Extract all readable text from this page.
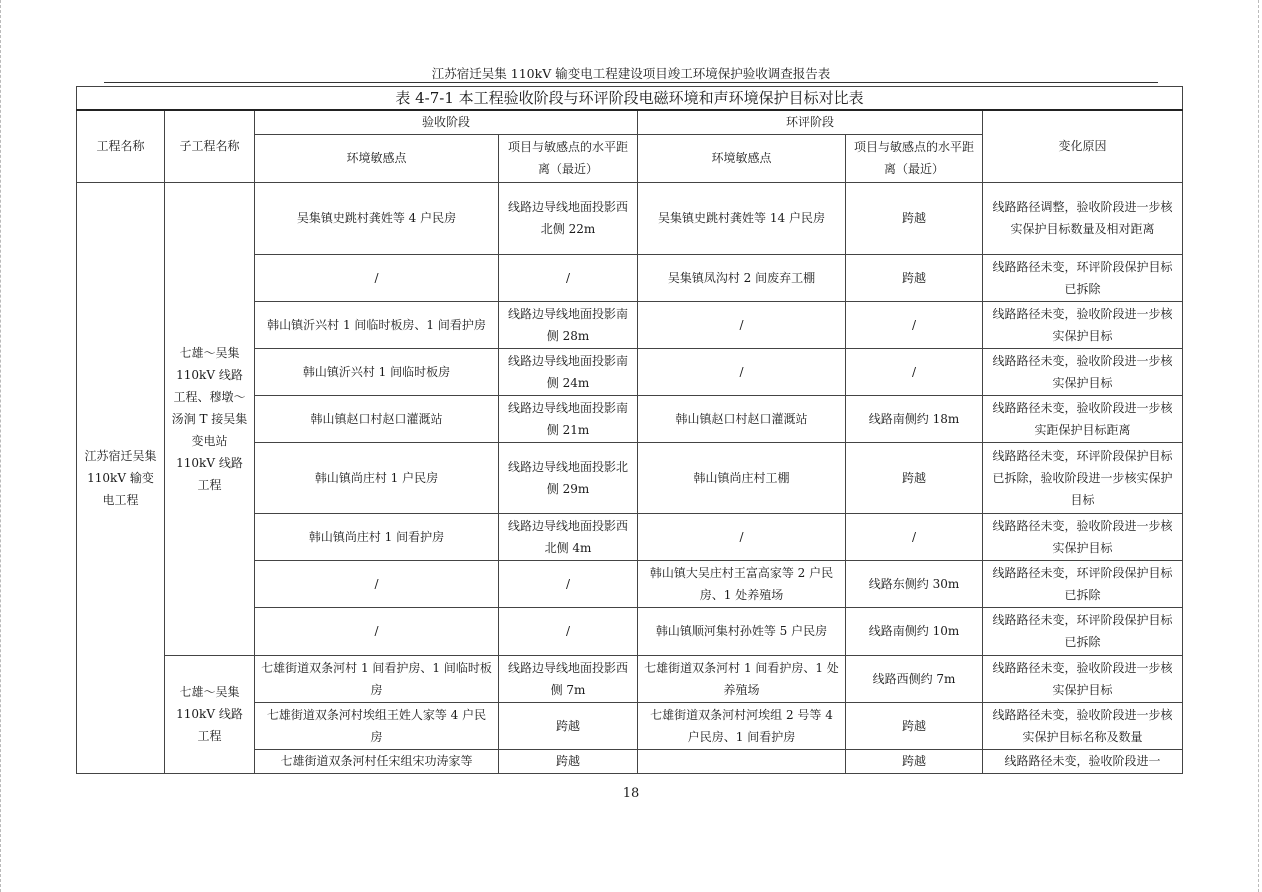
江苏宿迁吴集 110kV 输变电工程建设项目竣工环境保护验收调查报告表
表 4-7-1 本工程验收阶段与环评阶段电磁环境和声环境保护目标对比表						
工程名称	子工程名称	验收阶段		环评阶段		变化原因
		环境敏感点	项目与敏感点的水平距离（最近）	环境敏感点	项目与敏感点的水平距离（最近）	
江苏宿迁吴集 110kV 输变电工程	七雄～吴集 110kV 线路工程、穆墩～汤涧 T 接吴集变电站 110kV 线路工程	吴集镇史跳村龚姓等 4 户民房	线路边导线地面投影西北侧 22m	吴集镇史跳村龚姓等 14 户民房	跨越	线路路径调整，验收阶段进一步核实保护目标数量及相对距离
		/	/	吴集镇凤沟村 2 间废弃工棚	跨越	线路路径未变，环评阶段保护目标已拆除
		韩山镇沂兴村 1 间临时板房、1 间看护房	线路边导线地面投影南侧 28m	/	/	线路路径未变，验收阶段进一步核实保护目标
		韩山镇沂兴村 1 间临时板房	线路边导线地面投影南侧 24m	/	/	线路路径未变，验收阶段进一步核实保护目标
		韩山镇赵口村赵口灌溉站	线路边导线地面投影南侧 21m	韩山镇赵口村赵口灌溉站	线路南侧约 18m	线路路径未变，验收阶段进一步核实距保护目标距离
		韩山镇尚庄村 1 户民房	线路边导线地面投影北侧 29m	韩山镇尚庄村工棚	跨越	线路路径未变，环评阶段保护目标已拆除，验收阶段进一步核实保护目标
		韩山镇尚庄村 1 间看护房	线路边导线地面投影西北侧 4m	/	/	线路路径未变，验收阶段进一步核实保护目标
		/	/	韩山镇大吴庄村王富高家等 2 户民房、1 处养殖场	线路东侧约 30m	线路路径未变，环评阶段保护目标已拆除
		/	/	韩山镇顺河集村孙姓等 5 户民房	线路南侧约 10m	线路路径未变，环评阶段保护目标已拆除
	七雄～吴集 110kV 线路工程	七雄街道双条河村 1 间看护房、1 间临时板房	线路边导线地面投影西侧 7m	七雄街道双条河村 1 间看护房、1 处养殖场	线路西侧约 7m	线路路径未变，验收阶段进一步核实保护目标
		七雄街道双条河村埃组王姓人家等 4 户民房	跨越	七雄街道双条河村河埃组 2 号等 4 户民房、1 间看护房	跨越	线路路径未变，验收阶段进一步核实保护目标名称及数量
		七雄街道双条河村任宋组宋功涛家等	跨越		跨越	线路路径未变，验收阶段进一
18
